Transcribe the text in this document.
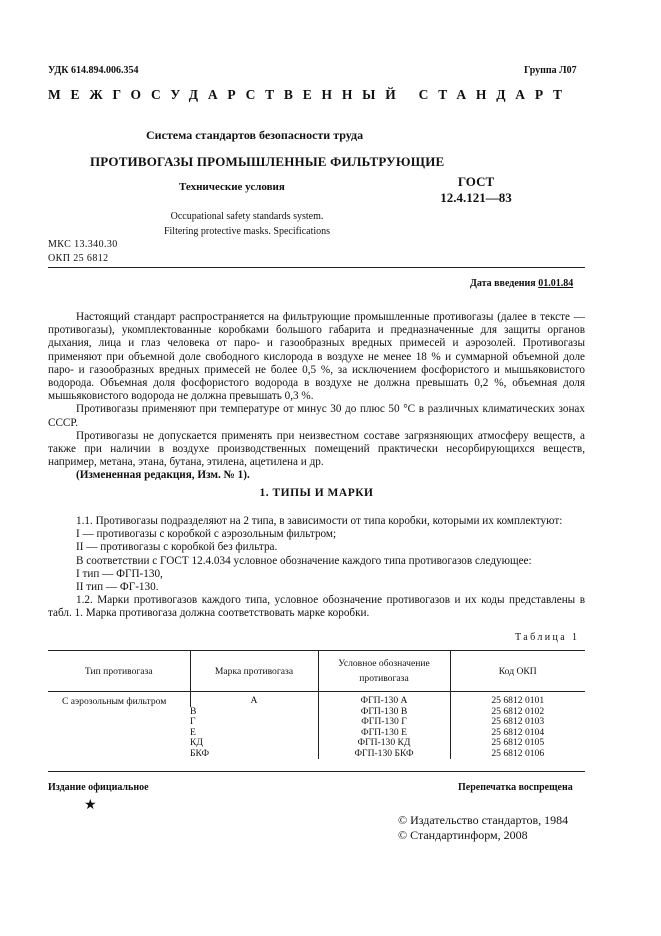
УДК 614.894.006.354	Группа Л07
МЕЖГОСУДАРСТВЕННЫЙ СТАНДАРТ
Система стандартов безопасности труда
ПРОТИВОГАЗЫ ПРОМЫШЛЕННЫЕ ФИЛЬТРУЮЩИЕ
Технические условия
Occupational safety standards system.
Filtering protective masks. Specifications
ГОСТ
12.4.121—83
МКС 13.340.30
ОКП 25 6812
Дата введения 01.01.84

Настоящий стандарт распространяется на фильтрующие промышленные противогазы (далее в тексте — противогазы), укомплектованные коробками большого габарита и предназначенные для защиты органов дыхания, лица и глаз человека от паро- и газообразных вредных примесей и аэрозолей. Противогазы применяют при объемной доле свободного кислорода в воздухе не менее 18 % и суммарной объемной доле паро- и газообразных вредных примесей не более 0,5 %, за исключением фосфористого и мышьяковистого водорода. Объемная доля фосфористого водорода в воздухе не должна превышать 0,2 %, объемная доля мышьяковистого водорода не должна превышать 0,3 %.

Противогазы применяют при температуре от минус 30 до плюс 50 °С в различных климатических зонах СССР.

Противогазы не допускается применять при неизвестном составе загрязняющих атмосферу веществ, а также при наличии в воздухе производственных помещений практически несорбирующихся веществ, например, метана, этана, бутана, этилена, ацетилена и др.

(Измененная редакция, Изм. № 1).

1. ТИПЫ И МАРКИ

1.1. Противогазы подразделяют на 2 типа, в зависимости от типа коробки, которыми их комплектуют:

I — противогазы с коробкой с аэрозольным фильтром;

II — противогазы с коробкой без фильтра.

В соответствии с ГОСТ 12.4.034 условное обозначение каждого типа противогазов следующее:

I тип — ФГП-130,

II тип — ФГ-130.

1.2. Марки противогазов каждого типа, условное обозначение противогазов и их коды представлены в табл. 1. Марка противогаза должна соответствовать марке коробки.

Таблица 1
Тип противогаза	Марка противогаза	Условное обозначение противогаза	Код ОКП

С аэрозольным фильтром	А	ФГП-130 А	25 6812 0101
	В	ФГП-130 В	25 6812 0102
	Г	ФГП-130 Г	25 6812 0103
	Е	ФГП-130 Е	25 6812 0104
	КД	ФГП-130 КД	25 6812 0105
	БКФ	ФГП-130 БКФ	25 6812 0106
Издание официальное	Перепечатка воспрещена
★
© Издательство стандартов, 1984
© Стандартинформ, 2008
